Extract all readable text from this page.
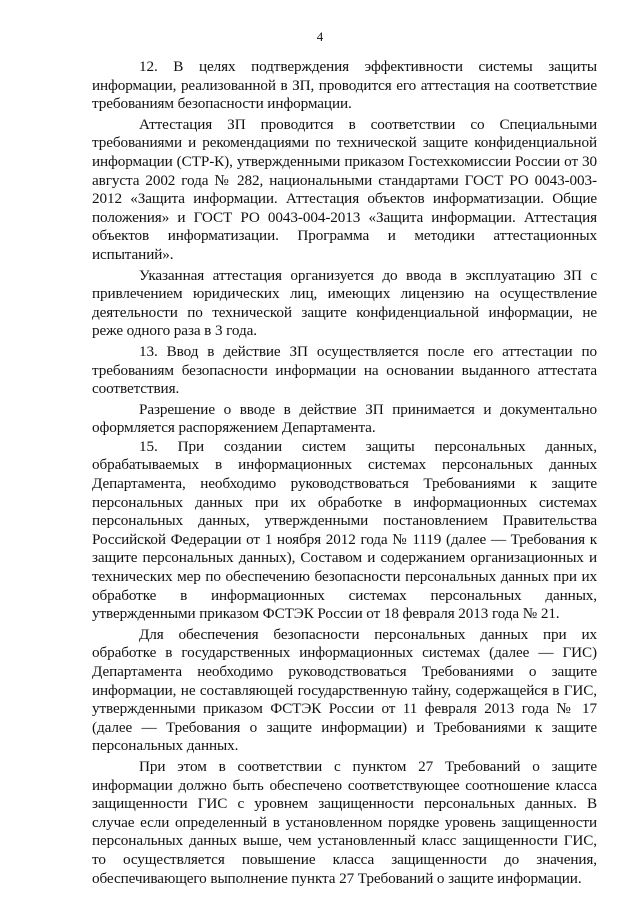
4

12. В целях подтверждения эффективности системы защиты информации, реализованной в ЗП, проводится его аттестация на соответствие требованиям безопасности информации.

Аттестация ЗП проводится в соответствии со Специальными требованиями и рекомендациями по технической защите конфиденциальной информации (СТР-К), утвержденными приказом Гостехкомиссии России от 30 августа 2002 года № 282, национальными стандартами ГОСТ РО 0043-003-2012 «Защита информации. Аттестация объектов информатизации. Общие положения» и ГОСТ РО 0043-004-2013 «Защита информации. Аттестация объектов информатизации. Программа и методики аттестационных испытаний».

Указанная аттестация организуется до ввода в эксплуатацию ЗП с привлечением юридических лиц, имеющих лицензию на осуществление деятельности по технической защите конфиденциальной информации, не реже одного раза в 3 года.

13. Ввод в действие ЗП осуществляется после его аттестации по требованиям безопасности информации на основании выданного аттестата соответствия.

Разрешение о вводе в действие ЗП принимается и документально оформляется распоряжением Департамента.

15. При создании систем защиты персональных данных, обрабатываемых в информационных системах персональных данных Департамента, необходимо руководствоваться Требованиями к защите персональных данных при их обработке в информационных системах персональных данных, утвержденными постановлением Правительства Российской Федерации от 1 ноября 2012 года № 1119 (далее — Требования к защите персональных данных), Составом и содержанием организационных и технических мер по обеспечению безопасности персональных данных при их обработке в информационных системах персональных данных, утвержденными приказом ФСТЭК России от 18 февраля 2013 года № 21.

Для обеспечения безопасности персональных данных при их обработке в государственных информационных системах (далее — ГИС) Департамента необходимо руководствоваться Требованиями о защите информации, не составляющей государственную тайну, содержащейся в ГИС, утвержденными приказом ФСТЭК России от 11 февраля 2013 года № 17 (далее — Требования о защите информации) и Требованиями к защите персональных данных.

При этом в соответствии с пунктом 27 Требований о защите информации должно быть обеспечено соответствующее соотношение класса защищенности ГИС с уровнем защищенности персональных данных. В случае если определенный в установленном порядке уровень защищенности персональных данных выше, чем установленный класс защищенности ГИС, то осуществляется повышение класса защищенности до значения, обеспечивающего выполнение пункта 27 Требований о защите информации.
